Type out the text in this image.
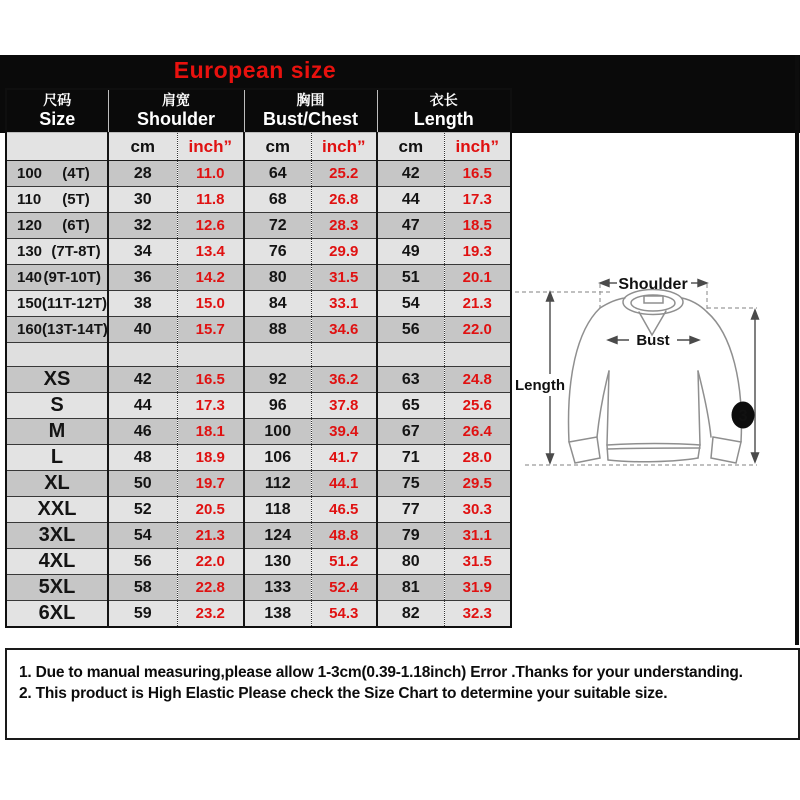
European size
尺码
Size	肩宽
Shoulder		胸围
Bust/Chest		衣长
Length	

	cm	inch”	cm	inch”	cm	inch”

100 (4T)	28	11.0	64	25.2	42	16.5

110 (5T)	30	11.8	68	26.8	44	17.3

120 (6T)	32	12.6	72	28.3	47	18.5

130 (7T-8T)	34	13.4	76	29.9	49	19.3

140 (9T-10T)	36	14.2	80	31.5	51	20.1

150 (11T-12T)	38	15.0	84	33.1	54	21.3

160 (13T-14T)	40	15.7	88	34.6	56	22.0

XS	42	16.5	92	36.2	63	24.8
S	44	17.3	96	37.8	65	25.6
M	46	18.1	100	39.4	67	26.4
L	48	18.9	106	41.7	71	28.0
XL	50	19.7	112	44.1	75	29.5
XXL	52	20.5	118	46.5	77	30.3
3XL	54	21.3	124	48.8	79	31.1
4XL	56	22.0	130	51.2	80	31.5
5XL	58	22.8	133	52.4	81	31.9
6XL	59	23.2	138	54.3	82	32.3
Shoulder
Bust
Length
3

1. Due to manual measuring,please allow 1-3cm(0.39-1.18inch) Error .Thanks for your understanding.

2. This product is High Elastic Please check the Size Chart to determine your suitable size.
